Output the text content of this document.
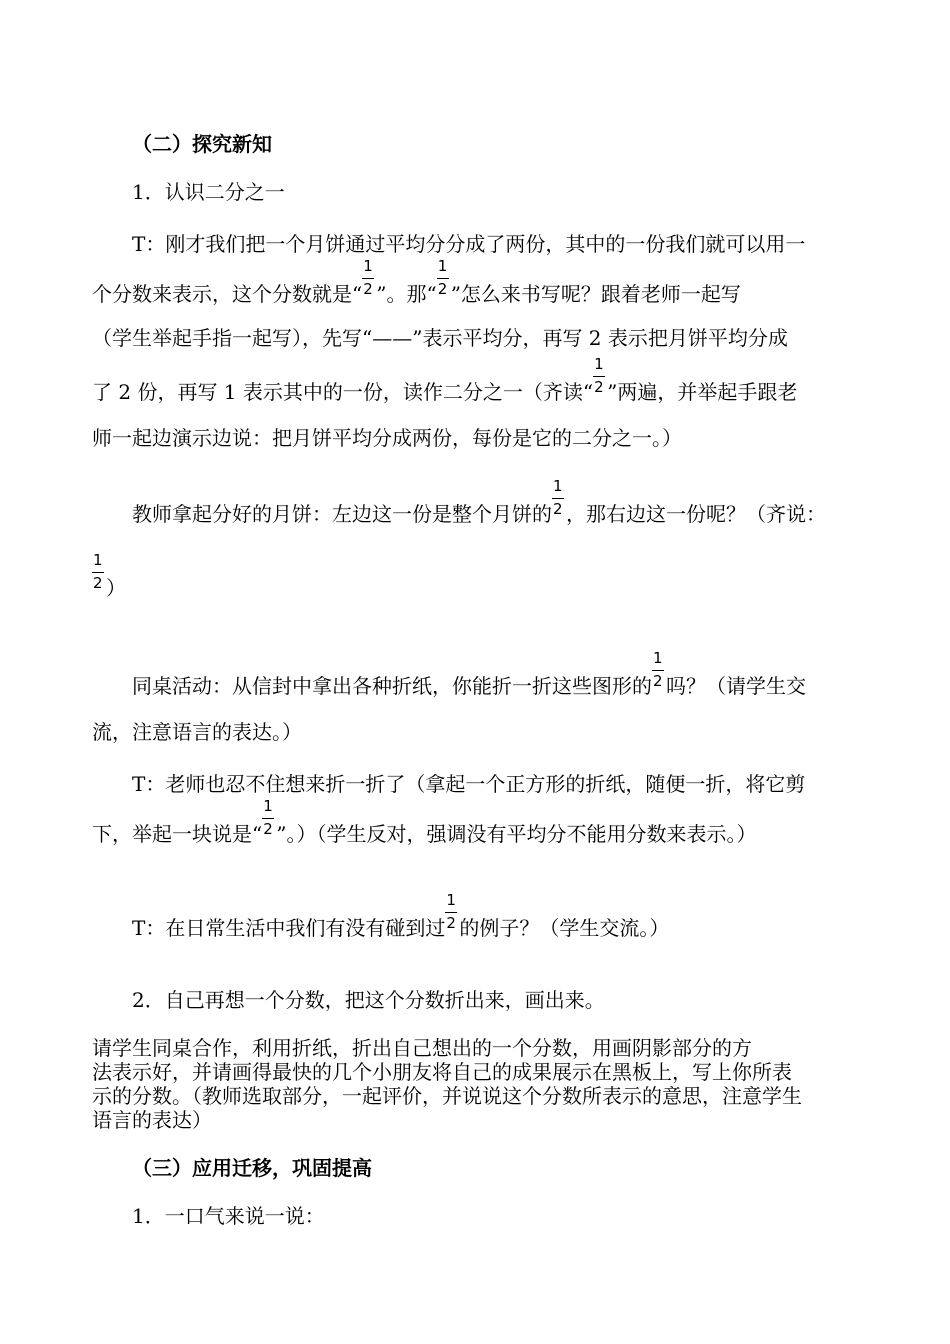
（二）探究新知
1．认识二分之一
T：刚才我们把一个月饼通过平均分分成了两份，其中的一份我们就可以用一
个分数来表示，这个分数就是“ $\frac{1}{2}$ ”。那“ $\frac{1}{2}$ ”怎么来书写呢？跟着老师一起写
（学生举起手指一起写），先写“——”表示平均分，再写 2 表示把月饼平均分成
了 2 份，再写 1 表示其中的一份，读作二分之一（齐读“ $\frac{1}{2}$ ”两遍，并举起手跟老
师一起边演示边说：把月饼平均分成两份，每份是它的二分之一。）
教师拿起分好的月饼：左边这一份是整个月饼的 $\frac{1}{2}$ ，那右边这一份呢？（齐说：
$\frac{1}{2}$ ）
同桌活动：从信封中拿出各种折纸，你能折一折这些图形的 $\frac{1}{2}$ 吗？（请学生交
流，注意语言的表达。）
T：老师也忍不住想来折一折了（拿起一个正方形的折纸，随便一折，将它剪
下，举起一块说是“ $\frac{1}{2}$ ”。）（学生反对，强调没有平均分不能用分数来表示。）
T：在日常生活中我们有没有碰到过 $\frac{1}{2}$ 的例子？（学生交流。）
2．自己再想一个分数，把这个分数折出来，画出来。
请学生同桌合作，利用折纸，折出自己想出的一个分数，用画阴影部分的方
法表示好，并请画得最快的几个小朋友将自己的成果展示在黑板上，写上你所表
示的分数。（教师选取部分，一起评价，并说说这个分数所表示的意思，注意学生
语言的表达）
（三）应用迁移，巩固提高
1．一口气来说一说：
